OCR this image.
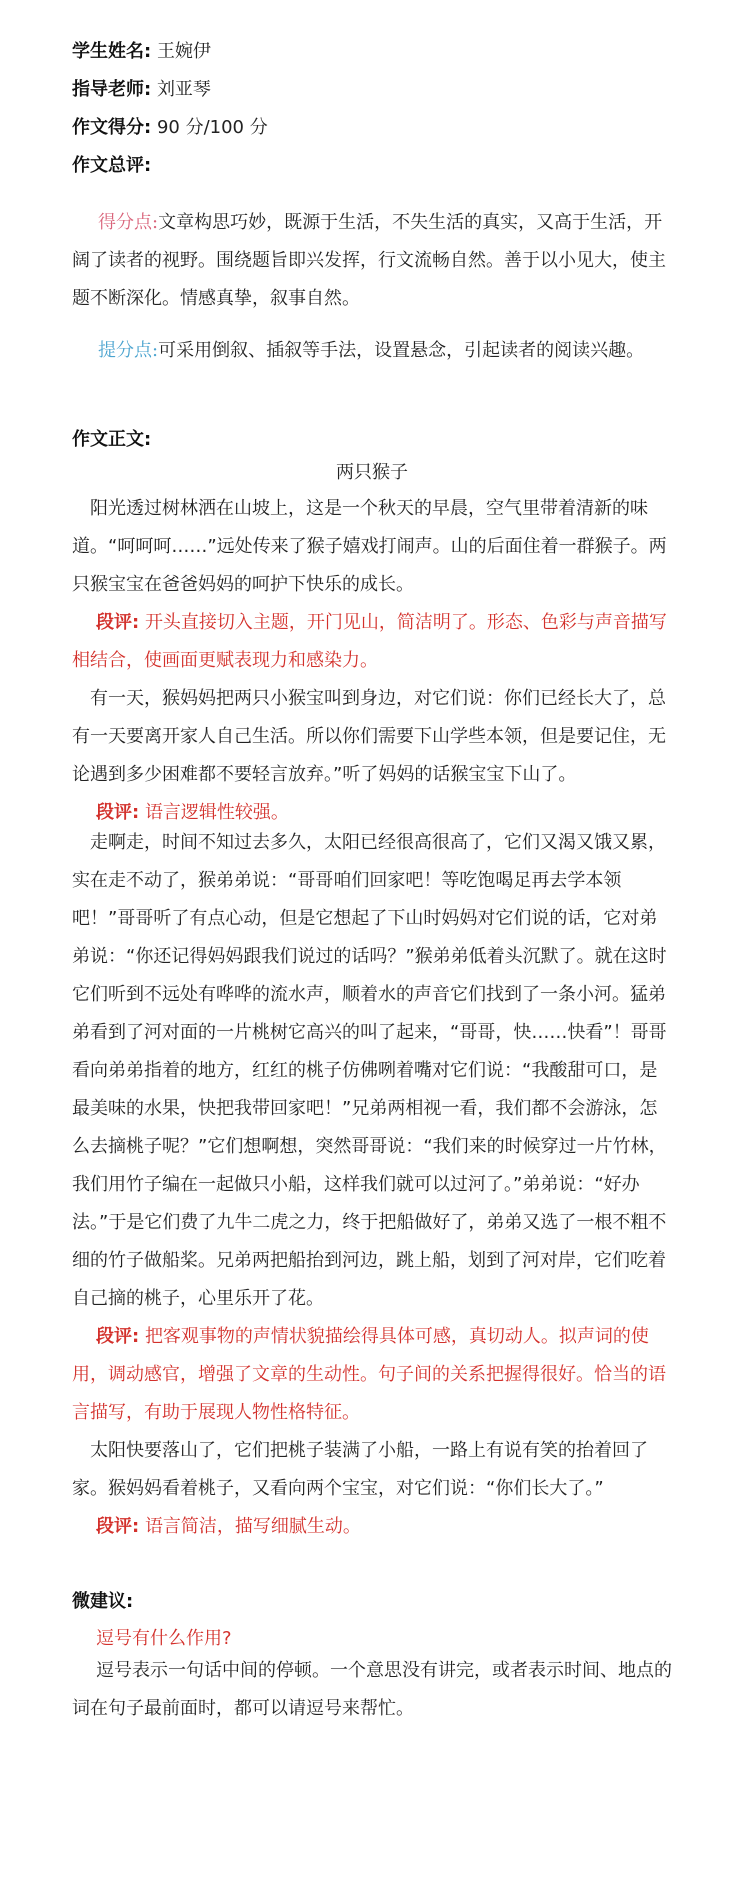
学生姓名: 王婉伊
指导老师: 刘亚琴
作文得分: 90 分/100 分
作文总评:

得分点:文章构思巧妙，既源于生活，不失生活的真实，又高于生活，开阔了读者的视野。围绕题旨即兴发挥，行文流畅自然。善于以小见大，使主题不断深化。情感真挚，叙事自然。

提分点:可采用倒叙、插叙等手法，设置悬念，引起读者的阅读兴趣。

作文正文:

两只猴子

阳光透过树林洒在山坡上，这是一个秋天的早晨，空气里带着清新的味道。“呵呵呵……”远处传来了猴子嬉戏打闹声。山的后面住着一群猴子。两只猴宝宝在爸爸妈妈的呵护下快乐的成长。

段评: 开头直接切入主题，开门见山，简洁明了。形态、色彩与声音描写相结合，使画面更赋表现力和感染力。

有一天，猴妈妈把两只小猴宝叫到身边，对它们说：你们已经长大了，总有一天要离开家人自己生活。所以你们需要下山学些本领，但是要记住，无论遇到多少困难都不要轻言放弃。”听了妈妈的话猴宝宝下山了。

段评: 语言逻辑性较强。

走啊走，时间不知过去多久，太阳已经很高很高了，它们又渴又饿又累，实在走不动了，猴弟弟说：“哥哥咱们回家吧！等吃饱喝足再去学本领吧！”哥哥听了有点心动，但是它想起了下山时妈妈对它们说的话，它对弟弟说：“你还记得妈妈跟我们说过的话吗？”猴弟弟低着头沉默了。就在这时它们听到不远处有哗哗的流水声，顺着水的声音它们找到了一条小河。猛弟弟看到了河对面的一片桃树它高兴的叫了起来，“哥哥，快……快看”！哥哥看向弟弟指着的地方，红红的桃子仿佛咧着嘴对它们说：“我酸甜可口，是最美味的水果，快把我带回家吧！”兄弟两相视一看，我们都不会游泳，怎么去摘桃子呢？”它们想啊想，突然哥哥说：“我们来的时候穿过一片竹林，我们用竹子编在一起做只小船，这样我们就可以过河了。”弟弟说：“好办法。”于是它们费了九牛二虎之力，终于把船做好了，弟弟又选了一根不粗不细的竹子做船桨。兄弟两把船抬到河边，跳上船，划到了河对岸，它们吃着自己摘的桃子，心里乐开了花。

段评: 把客观事物的声情状貌描绘得具体可感，真切动人。拟声词的使用，调动感官，增强了文章的生动性。句子间的关系把握得很好。恰当的语言描写，有助于展现人物性格特征。

太阳快要落山了，它们把桃子装满了小船，一路上有说有笑的抬着回了家。猴妈妈看着桃子，又看向两个宝宝，对它们说：“你们长大了。”

段评: 语言简洁，描写细腻生动。

微建议:

逗号有什么作用?

逗号表示一句话中间的停顿。一个意思没有讲完，或者表示时间、地点的词在句子最前面时，都可以请逗号来帮忙。
